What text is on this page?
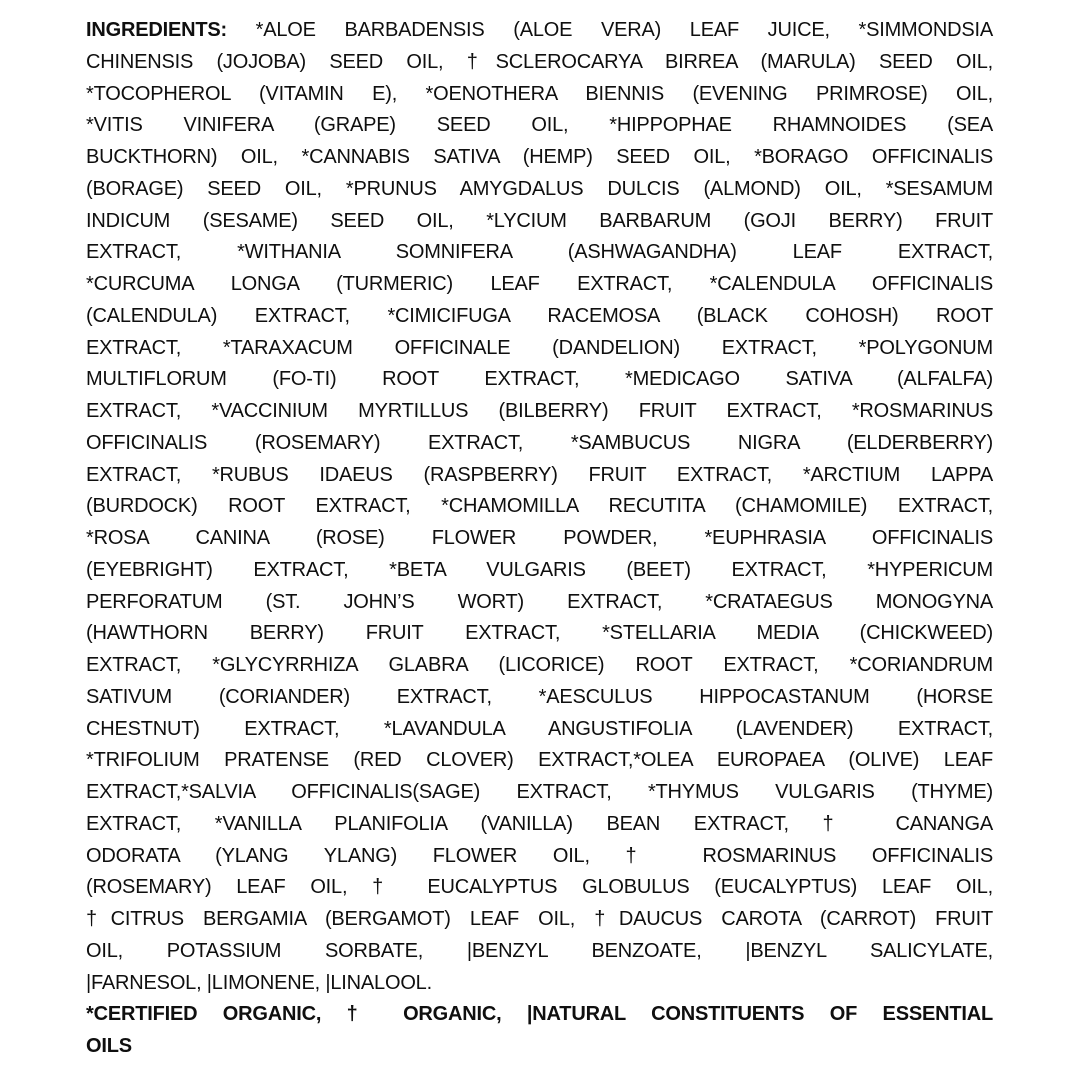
INGREDIENTS: *ALOE BARBADENSIS (ALOE VERA) LEAF JUICE, *SIMMONDSIA
CHINENSIS (JOJOBA) SEED OIL, †SCLEROCARYA BIRREA (MARULA) SEED OIL,
*TOCOPHEROL (VITAMIN E), *OENOTHERA BIENNIS (EVENING PRIMROSE) OIL,
*VITIS VINIFERA (GRAPE) SEED OIL, *HIPPOPHAE RHAMNOIDES (SEA
BUCKTHORN) OIL, *CANNABIS SATIVA (HEMP) SEED OIL, *BORAGO OFFICINALIS
(BORAGE) SEED OIL, *PRUNUS AMYGDALUS DULCIS (ALMOND) OIL, *SESAMUM
INDICUM (SESAME) SEED OIL, *LYCIUM BARBARUM (GOJI BERRY) FRUIT
EXTRACT, *WITHANIA SOMNIFERA (ASHWAGANDHA) LEAF EXTRACT,
*CURCUMA LONGA (TURMERIC) LEAF EXTRACT, *CALENDULA OFFICINALIS
(CALENDULA) EXTRACT, *CIMICIFUGA RACEMOSA (BLACK COHOSH) ROOT
EXTRACT, *TARAXACUM OFFICINALE (DANDELION) EXTRACT, *POLYGONUM
MULTIFLORUM (FO-TI) ROOT EXTRACT, *MEDICAGO SATIVA (ALFALFA)
EXTRACT, *VACCINIUM MYRTILLUS (BILBERRY) FRUIT EXTRACT, *ROSMARINUS
OFFICINALIS (ROSEMARY) EXTRACT, *SAMBUCUS NIGRA (ELDERBERRY)
EXTRACT, *RUBUS IDAEUS (RASPBERRY) FRUIT EXTRACT, *ARCTIUM LAPPA
(BURDOCK) ROOT EXTRACT, *CHAMOMILLA RECUTITA (CHAMOMILE) EXTRACT,
*ROSA CANINA (ROSE) FLOWER POWDER, *EUPHRASIA OFFICINALIS
(EYEBRIGHT) EXTRACT, *BETA VULGARIS (BEET) EXTRACT, *HYPERICUM
PERFORATUM (ST. JOHN’S WORT) EXTRACT, *CRATAEGUS MONOGYNA
(HAWTHORN BERRY) FRUIT EXTRACT, *STELLARIA MEDIA (CHICKWEED)
EXTRACT, *GLYCYRRHIZA GLABRA (LICORICE) ROOT EXTRACT, *CORIANDRUM
SATIVUM (CORIANDER) EXTRACT, *AESCULUS HIPPOCASTANUM (HORSE
CHESTNUT) EXTRACT, *LAVANDULA ANGUSTIFOLIA (LAVENDER) EXTRACT,
*TRIFOLIUM PRATENSE (RED CLOVER) EXTRACT,*OLEA EUROPAEA (OLIVE) LEAF
EXTRACT,*SALVIA OFFICINALIS(SAGE) EXTRACT, *THYMUS VULGARIS (THYME)
EXTRACT, *VANILLA PLANIFOLIA (VANILLA) BEAN EXTRACT, † CANANGA
ODORATA (YLANG YLANG) FLOWER OIL, † ROSMARINUS OFFICINALIS
(ROSEMARY) LEAF OIL, † EUCALYPTUS GLOBULUS (EUCALYPTUS) LEAF OIL,
†CITRUS BERGAMIA (BERGAMOT) LEAF OIL, †DAUCUS CAROTA (CARROT) FRUIT
OIL, POTASSIUM SORBATE, |BENZYL BENZOATE, |BENZYL SALICYLATE,
|FARNESOL, |LIMONENE, |LINALOOL.
*CERTIFIED ORGANIC, † ORGANIC, |NATURAL CONSTITUENTS OF ESSENTIAL
OILS
